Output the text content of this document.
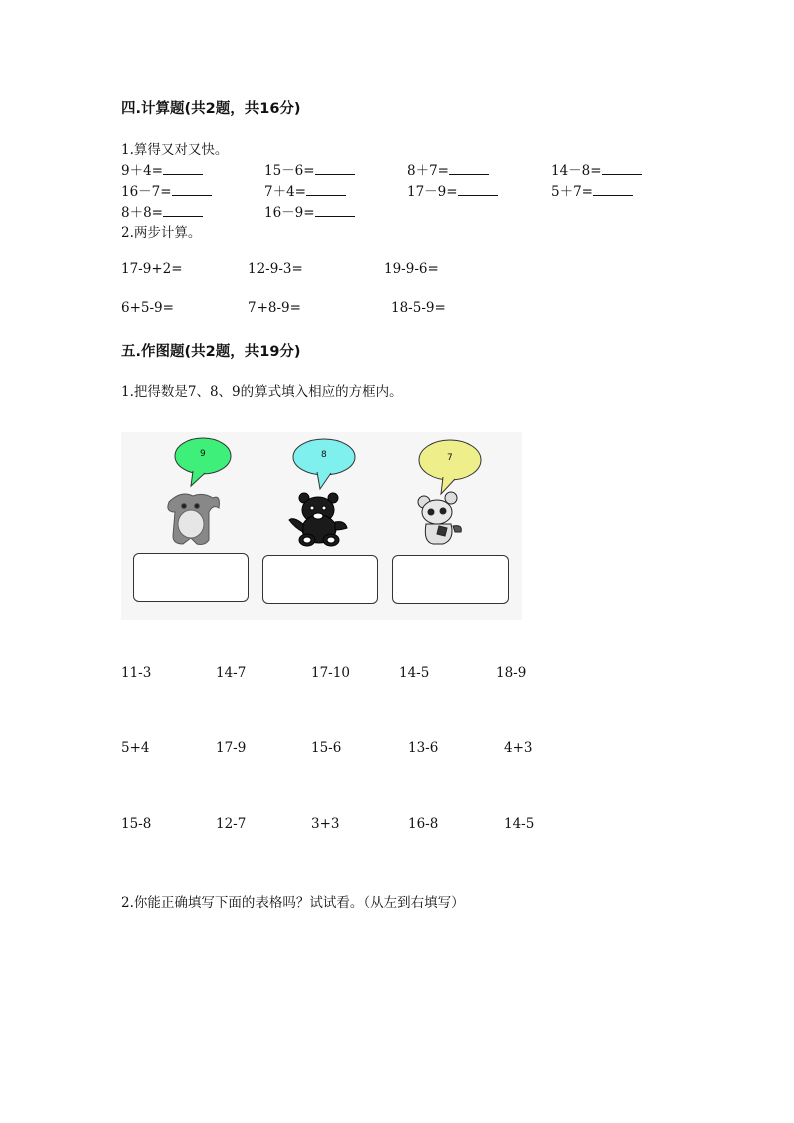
四.计算题(共2题，共16分)
1.算得又对又快。
9＋4=	15－6=	8＋7=	14－8=
16－7=	7＋4=	17－9=	5＋7=
8＋8=	16－9=
2.两步计算。
17-9+2=	12-9-3=	19-9-6=
6+5-9=	7+8-9=	18-5-9=
五.作图题(共2题，共19分)
1.把得数是7、8、9的算式填入相应的方框内。
9	8	7
11-3	14-7	17-10	14-5	18-9
5+4	17-9	15-6	13-6	4+3
15-8	12-7	3+3	16-8	14-5
2.你能正确填写下面的表格吗？试试看。（从左到右填写）
